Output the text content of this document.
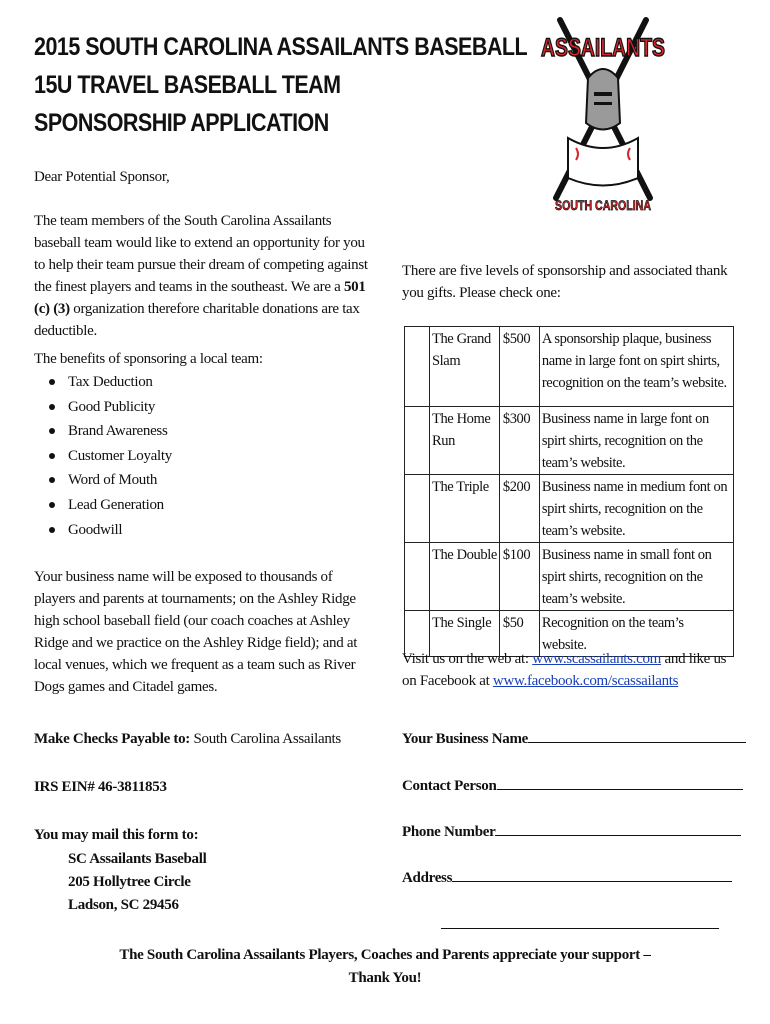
2015 SOUTH CAROLINA ASSAILANTS BASEBALL
15U TRAVEL BASEBALL TEAM
SPONSORSHIP APPLICATION
ASSAILANTS
SOUTH CAROLINA
Dear Potential Sponsor,
The team members of the South Carolina Assailants baseball team would like to extend an opportunity for you to help their team pursue their dream of competing against the finest players and teams in the southeast. We are a 501 (c) (3) organization therefore charitable donations are tax deductible.
The benefits of sponsoring a local team:
Tax Deduction
Good Publicity
Brand Awareness
Customer Loyalty
Word of Mouth
Lead Generation
Goodwill
Your business name will be exposed to thousands of players and parents at tournaments; on the Ashley Ridge high school baseball field (our coach coaches at Ashley Ridge and we practice on the Ashley Ridge field); and at local venues, which we frequent as a team such as River Dogs games and Citadel games.
There are five levels of sponsorship and associated thank you gifts. Please check one:
	The Grand Slam	$500	A sponsorship plaque, business name in large font on spirt shirts, recognition on the team’s website.
	The Home Run	$300	Business name in large font on spirt shirts, recognition on the team’s website.
	The Triple	$200	Business name in medium font on spirt shirts, recognition on the team’s website.
	The Double	$100	Business name in small font on spirt shirts, recognition on the team’s website.
	The Single	$50	Recognition on the team’s website.
Visit us on the web at: www.scassailants.com and like us on Facebook at www.facebook.com/scassailants
Make Checks Payable to: South Carolina Assailants
IRS EIN# 46-3811853
You may mail this form to:
SC Assailants Baseball
205 Hollytree Circle
Ladson, SC 29456
Your Business Name
Contact Person
Phone Number
Address
The South Carolina Assailants Players, Coaches and Parents appreciate your support –
Thank You!
